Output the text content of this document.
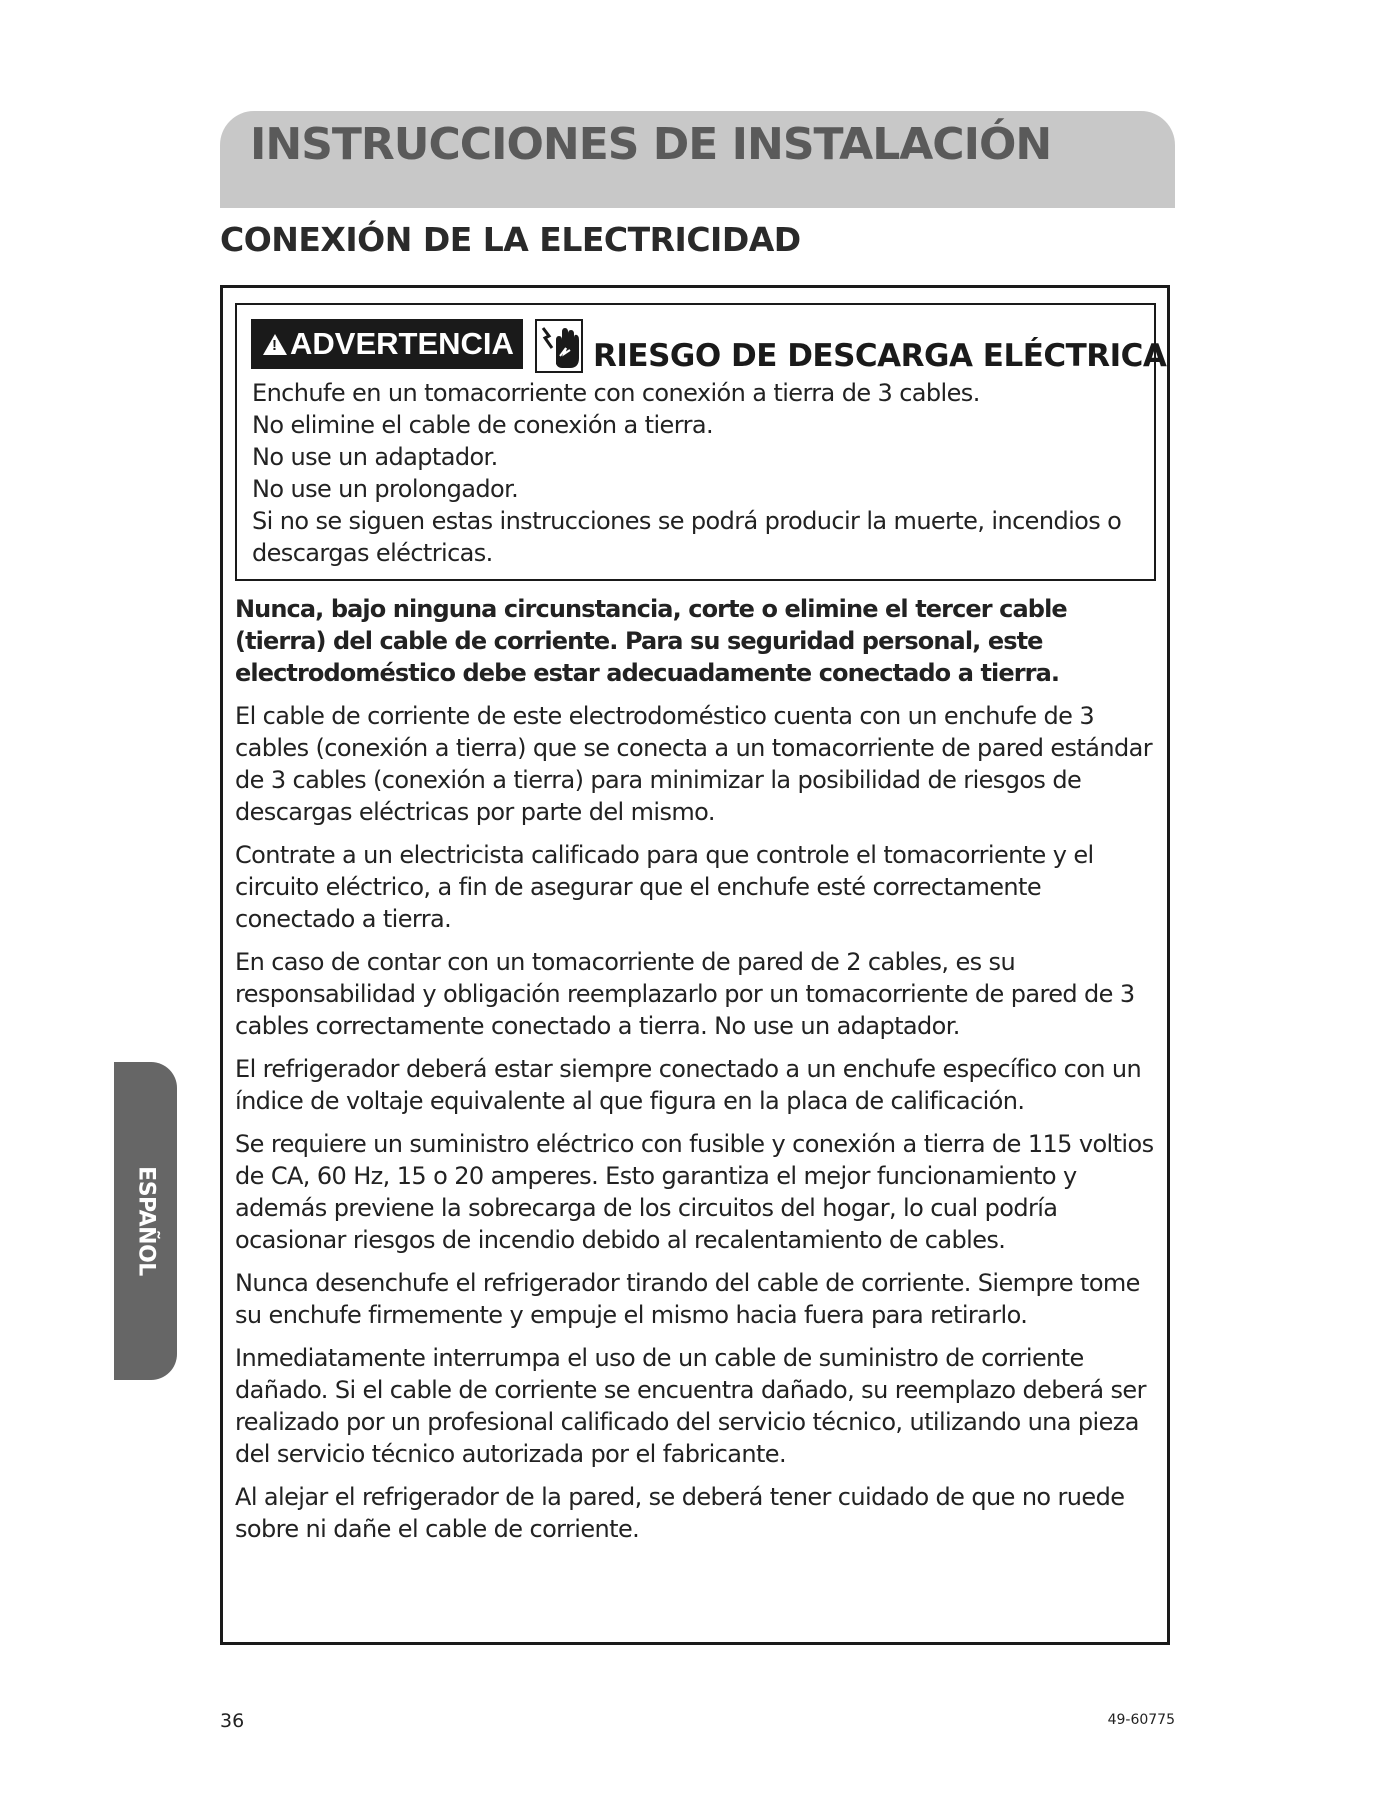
INSTRUCCIONES DE INSTALACIÓN
CONEXIÓN DE LA ELECTRICIDAD
!ADVERTENCIA	RIESGO DE DESCARGA ELÉCTRICA
Enchufe en un tomacorriente con conexión a tierra de 3 cables.
No elimine el cable de conexión a tierra.
No use un adaptador.
No use un prolongador.
Si no se siguen estas instrucciones se podrá producir la muerte, incendios o descargas eléctricas.

Nunca, bajo ninguna circunstancia, corte o elimine el tercer cable (tierra) del cable de corriente. Para su seguridad personal, este electrodoméstico debe estar adecuadamente conectado a tierra.

El cable de corriente de este electrodoméstico cuenta con un enchufe de 3 cables (conexión a tierra) que se conecta a un tomacorriente de pared estándar de 3 cables (conexión a tierra) para minimizar la posibilidad de riesgos de descargas eléctricas por parte del mismo.

Contrate a un electricista calificado para que controle el tomacorriente y el circuito eléctrico, a fin de asegurar que el enchufe esté correctamente conectado a tierra.

En caso de contar con un tomacorriente de pared de 2 cables, es su responsabilidad y obligación reemplazarlo por un tomacorriente de pared de 3 cables correctamente conectado a tierra. No use un adaptador.

El refrigerador deberá estar siempre conectado a un enchufe específico con un índice de voltaje equivalente al que figura en la placa de calificación.

Se requiere un suministro eléctrico con fusible y conexión a tierra de 115 voltios de CA, 60 Hz, 15 o 20 amperes. Esto garantiza el mejor funcionamiento y además previene la sobrecarga de los circuitos del hogar, lo cual podría ocasionar riesgos de incendio debido al recalentamiento de cables.

Nunca desenchufe el refrigerador tirando del cable de corriente. Siempre tome su enchufe firmemente y empuje el mismo hacia fuera para retirarlo.

Inmediatamente interrumpa el uso de un cable de suministro de corriente dañado. Si el cable de corriente se encuentra dañado, su reemplazo deberá ser realizado por un profesional calificado del servicio técnico, utilizando una pieza del servicio técnico autorizada por el fabricante.

Al alejar el refrigerador de la pared, se deberá tener cuidado de que no ruede sobre ni dañe el cable de corriente.

ESPAÑOL
36	49-60775
